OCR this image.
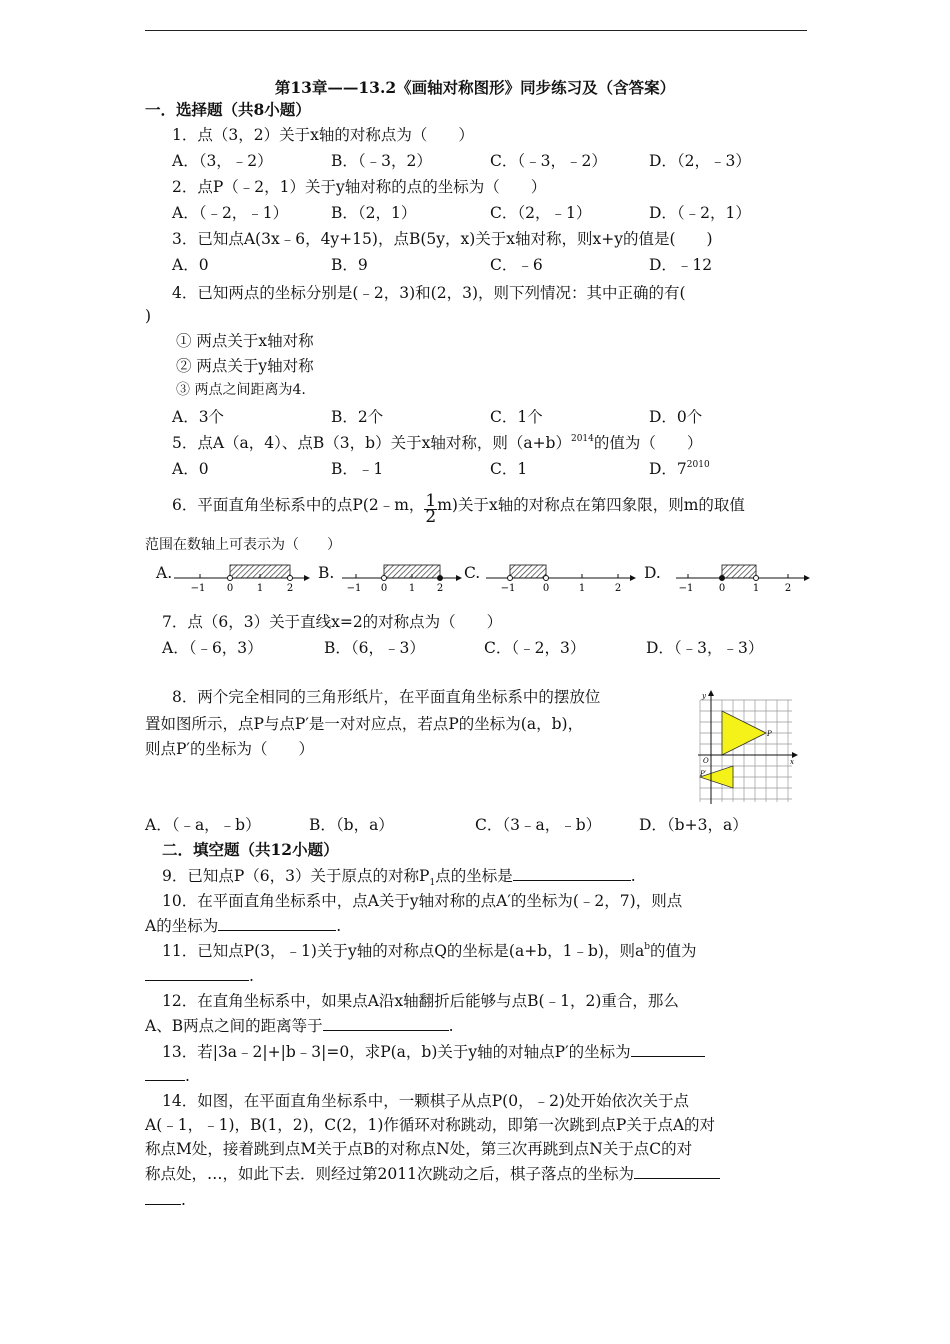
第13章——13.2《画轴对称图形》同步练习及（含答案）
一．选择题（共8小题）
1．点（3，2）关于x轴的对称点为（　　）
A．（3，﹣2）	B．（﹣3，2）	C．（﹣3，﹣2）	D．（2，﹣3）
2．点P（﹣2，1）关于y轴对称的点的坐标为（　　）
A．（﹣2，﹣1）	B．（2，1）	C．（2，﹣1）	D．（﹣2，1）
3．已知点A(3x﹣6，4y+15)，点B(5y，x)关于x轴对称，则x+y的值是(　　)
A．0	B．9	C．﹣6	D．﹣12
4．已知两点的坐标分别是(﹣2，3)和(2，3)，则下列情况：其中正确的有(
)
① 两点关于x轴对称
② 两点关于y轴对称
③ 两点之间距离为4.
A．3个	B．2个	C．1个	D．0个
5．点A（a，4）、点B（3，b）关于x轴对称，则$(a+b)^{2014}$的值为（　　）
A．0	B．﹣1	C．1	D．$7^{2010}$
6．平面直角坐标系中的点P(2﹣m， $\frac{1}{2} m$)关于x轴的对称点在第四象限，则m的取值
范围在数轴上可表示为（　　）
A.	B.	C.	D.
−1 0 1 2	−1 0 1 2	−1	0	1	2	−1	0	1	2
7．点（6，3）关于直线x=2的对称点为（　　）
A．（﹣6，3）	B．（6，﹣3）	C．（﹣2，3）	D．（﹣3，﹣3）
8．两个完全相同的三角形纸片，在平面直角坐标系中的摆放位
置如图所示，点P与点P′是一对对应点，若点P的坐标为(a，b)，
则点P′的坐标为（　　）
y
x
O
P
P′
A．（﹣a，﹣b）	B．（b，a）	C．（3﹣a，﹣b） D．（b+3，a）
二．填空题（共12小题）
9．已知点P（6，3）关于原点的对称$P_1$点的坐标是	.
10．在平面直角坐标系中，点A关于y轴对称的点A′的坐标为(﹣2，7)，则点
A的坐标为	.
11．已知点P(3，﹣1)关于y轴的对称点Q的坐标是(a+b，1﹣b)，则$a^b$的值为
.
12．在直角坐标系中，如果点A沿x轴翻折后能够与点B(﹣1，2)重合，那么
A、B两点之间的距离等于	.
13．若|3a﹣2|+|b﹣3|=0，求P(a，b)关于y轴的对轴点P′的坐标为
.
14．如图，在平面直角坐标系中，一颗棋子从点P(0，﹣2)处开始依次关于点
A(﹣1，﹣1)，B(1，2)，C(2，1)作循环对称跳动，即第一次跳到点P关于点A的对
称点M处，接着跳到点M关于点B的对称点N处，第三次再跳到点N关于点C的对
称点处，…，如此下去．则经过第2011次跳动之后，棋子落点的坐标为
.
